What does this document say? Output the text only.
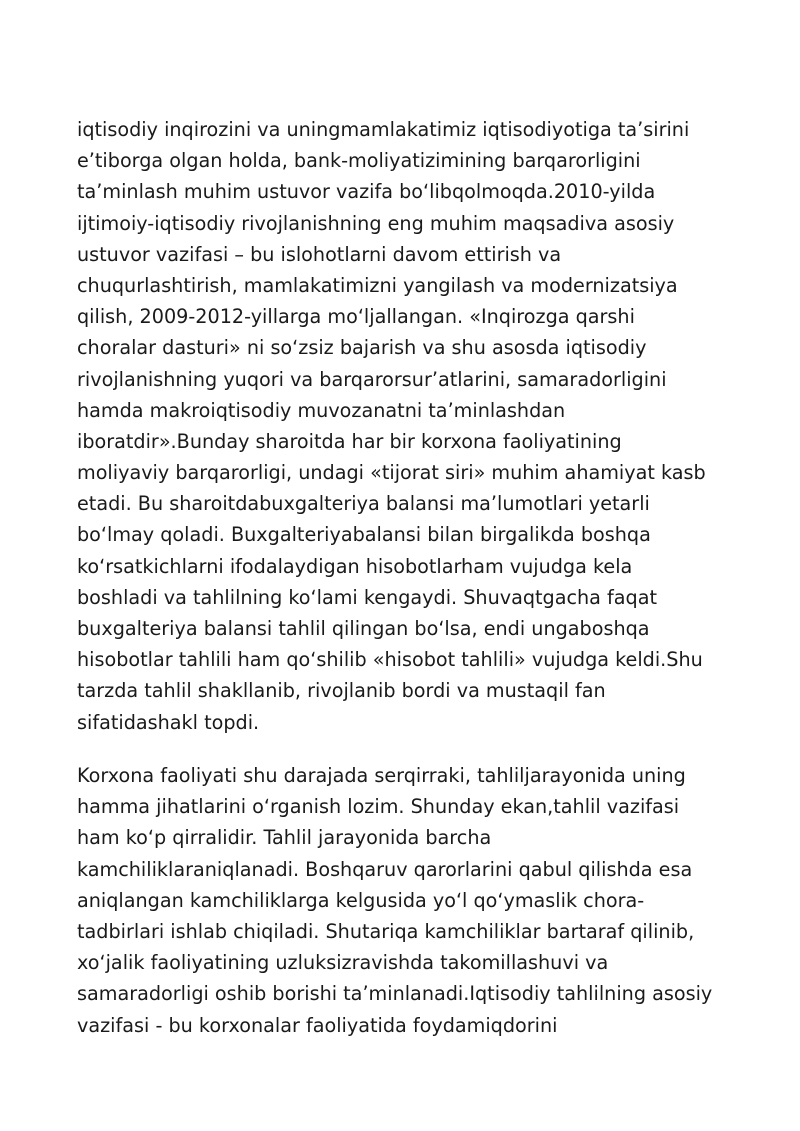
iqtisodiy inqirozini va uningmamlakatimiz iqtisodiyotiga ta’sirini
e’tiborga olgan holda, bank-moliyatizimining barqarorligini
ta’minlash muhim ustuvor vazifa boʻlibqolmoqda.2010-yilda
ijtimoiy-iqtisodiy rivojlanishning eng muhim maqsadiva asosiy
ustuvor vazifasi – bu islohotlarni davom ettirish va
chuqurlashtirish, mamlakatimizni yangilash va modernizatsiya
qilish, 2009-2012-yillarga moʻljallangan. «Inqirozga qarshi
choralar dasturi» ni soʻzsiz bajarish va shu asosda iqtisodiy
rivojlanishning yuqori va barqarorsur’atlarini, samaradorligini
hamda makroiqtisodiy muvozanatni ta’minlashdan
iboratdir».Bunday sharoitda har bir korxona faoliyatining
moliyaviy barqarorligi, undagi «tijorat siri» muhim ahamiyat kasb
etadi. Bu sharoitdabuxgalteriya balansi ma’lumotlari yetarli
boʻlmay qoladi. Buxgalteriyabalansi bilan birgalikda boshqa
koʻrsatkichlarni ifodalaydigan hisobotlarham vujudga kela
boshladi va tahlilning koʻlami kengaydi. Shuvaqtgacha faqat
buxgalteriya balansi tahlil qilingan boʻlsa, endi ungaboshqa
hisobotlar tahlili ham qoʻshilib «hisobot tahlili» vujudga keldi.Shu
tarzda tahlil shakllanib, rivojlanib bordi va mustaqil fan
sifatidashakl topdi.
Korxona faoliyati shu darajada serqirraki, tahliljarayonida uning
hamma jihatlarini oʻrganish lozim. Shunday ekan,tahlil vazifasi
ham koʻp qirralidir. Tahlil jarayonida barcha
kamchiliklaraniqlanadi. Boshqaruv qarorlarini qabul qilishda esa
aniqlangan kamchiliklarga kelgusida yoʻl qoʻymaslik chora-
tadbirlari ishlab chiqiladi. Shutariqa kamchiliklar bartaraf qilinib,
xoʻjalik faoliyatining uzluksizravishda takomillashuvi va
samaradorligi oshib borishi ta’minlanadi.Iqtisodiy tahlilning asosiy
vazifasi - bu korxonalar faoliyatida foydamiqdorini
